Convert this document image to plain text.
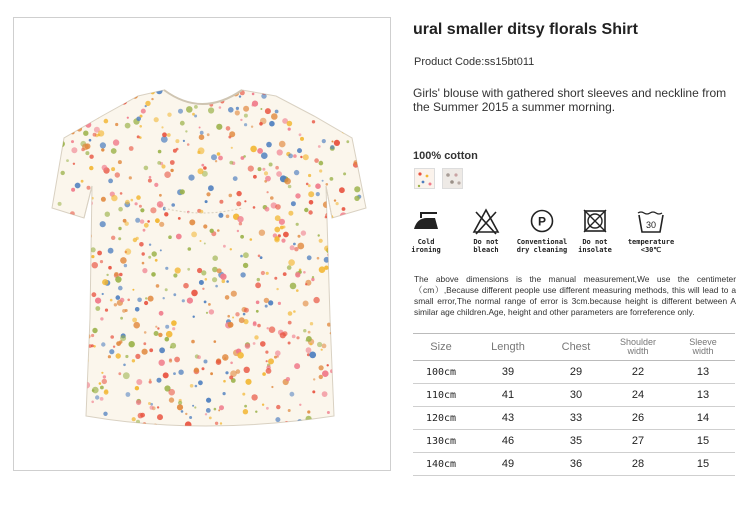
ural smaller ditsy florals Shirt
Product Code:ss15bt011
Girls' blouse with gathered short sleeves and neckline from the Summer 2015 a summer morning.
100% cotton
Cold
ironing
Do not
bleach
P
Conventional
dry cleaning
Do not
insolate
30
temperature
<30℃
The above dimensions is the manual measurement,We use the centimeter（cm）,Because different people use different measuring methods, this will lead to a small error,The normal range of error is 3cm.because height is different between A similar age children.Age, height and other parameters are forreference only.
Size	Length	Chest	Shoulder width	Sleeve width

100cm	39	29	22	13
110cm	41	30	24	13
120cm	43	33	26	14
130cm	46	35	27	15
140cm	49	36	28	15
